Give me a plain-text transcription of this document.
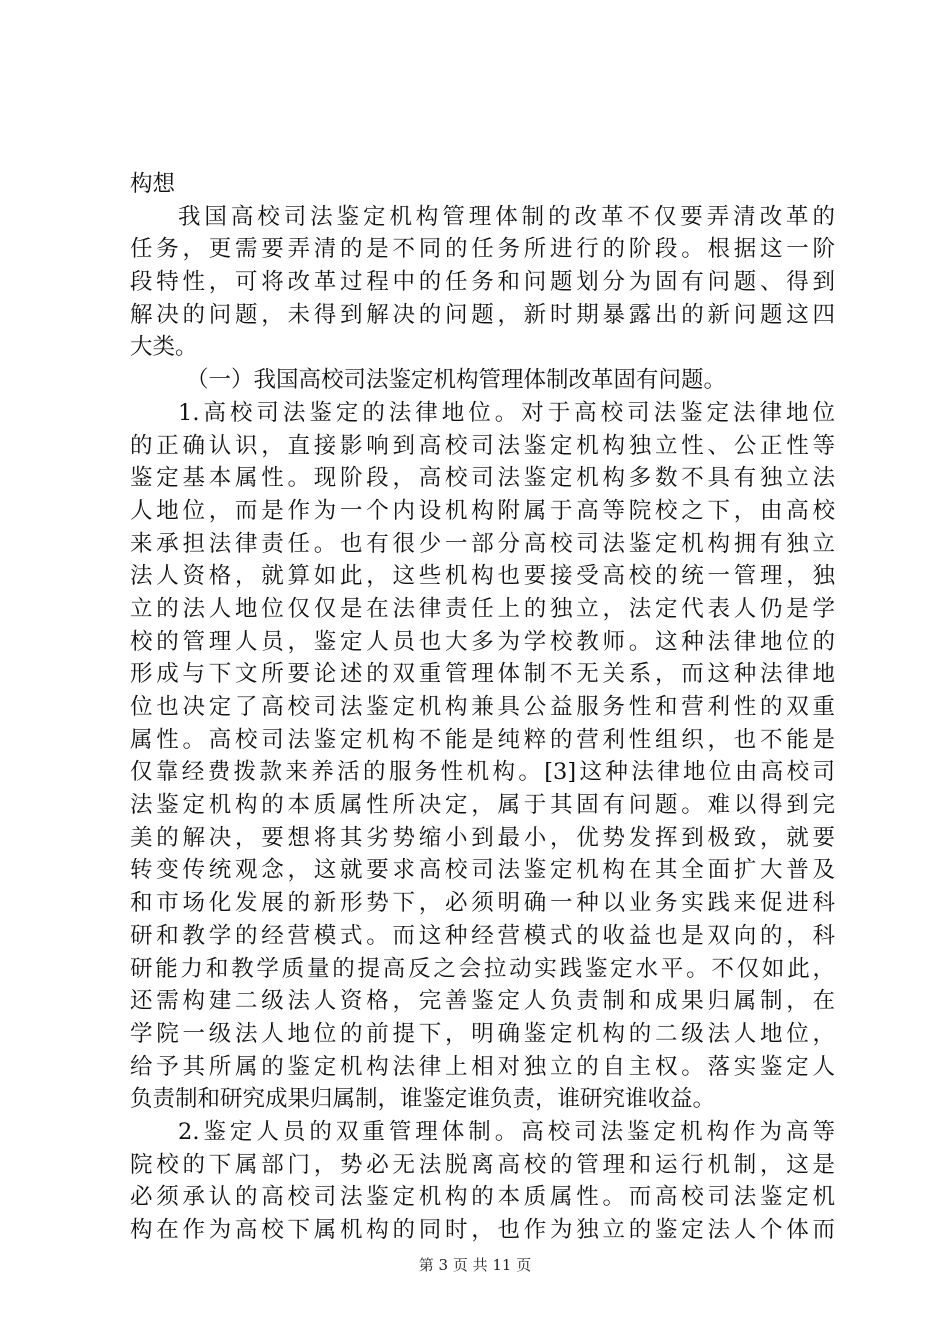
构想
我国高校司法鉴定机构管理体制的改革不仅要弄清改革的
任务，更需要弄清的是不同的任务所进行的阶段。根据这一阶
段特性，可将改革过程中的任务和问题划分为固有问题、得到
解决的问题，未得到解决的问题，新时期暴露出的新问题这四
大类。
（一）我国高校司法鉴定机构管理体制改革固有问题。
1.高校司法鉴定的法律地位。对于高校司法鉴定法律地位
的正确认识，直接影响到高校司法鉴定机构独立性、公正性等
鉴定基本属性。现阶段，高校司法鉴定机构多数不具有独立法
人地位，而是作为一个内设机构附属于高等院校之下，由高校
来承担法律责任。也有很少一部分高校司法鉴定机构拥有独立
法人资格，就算如此，这些机构也要接受高校的统一管理，独
立的法人地位仅仅是在法律责任上的独立，法定代表人仍是学
校的管理人员，鉴定人员也大多为学校教师。这种法律地位的
形成与下文所要论述的双重管理体制不无关系，而这种法律地
位也决定了高校司法鉴定机构兼具公益服务性和营利性的双重
属性。高校司法鉴定机构不能是纯粹的营利性组织，也不能是
仅靠经费拨款来养活的服务性机构。[3]这种法律地位由高校司
法鉴定机构的本质属性所决定，属于其固有问题。难以得到完
美的解决，要想将其劣势缩小到最小，优势发挥到极致，就要
转变传统观念，这就要求高校司法鉴定机构在其全面扩大普及
和市场化发展的新形势下，必须明确一种以业务实践来促进科
研和教学的经营模式。而这种经营模式的收益也是双向的，科
研能力和教学质量的提高反之会拉动实践鉴定水平。不仅如此，
还需构建二级法人资格，完善鉴定人负责制和成果归属制，在
学院一级法人地位的前提下，明确鉴定机构的二级法人地位，
给予其所属的鉴定机构法律上相对独立的自主权。落实鉴定人
负责制和研究成果归属制，谁鉴定谁负责，谁研究谁收益。
2.鉴定人员的双重管理体制。高校司法鉴定机构作为高等
院校的下属部门，势必无法脱离高校的管理和运行机制，这是
必须承认的高校司法鉴定机构的本质属性。而高校司法鉴定机
构在作为高校下属机构的同时，也作为独立的鉴定法人个体而
第 3 页 共 11 页
